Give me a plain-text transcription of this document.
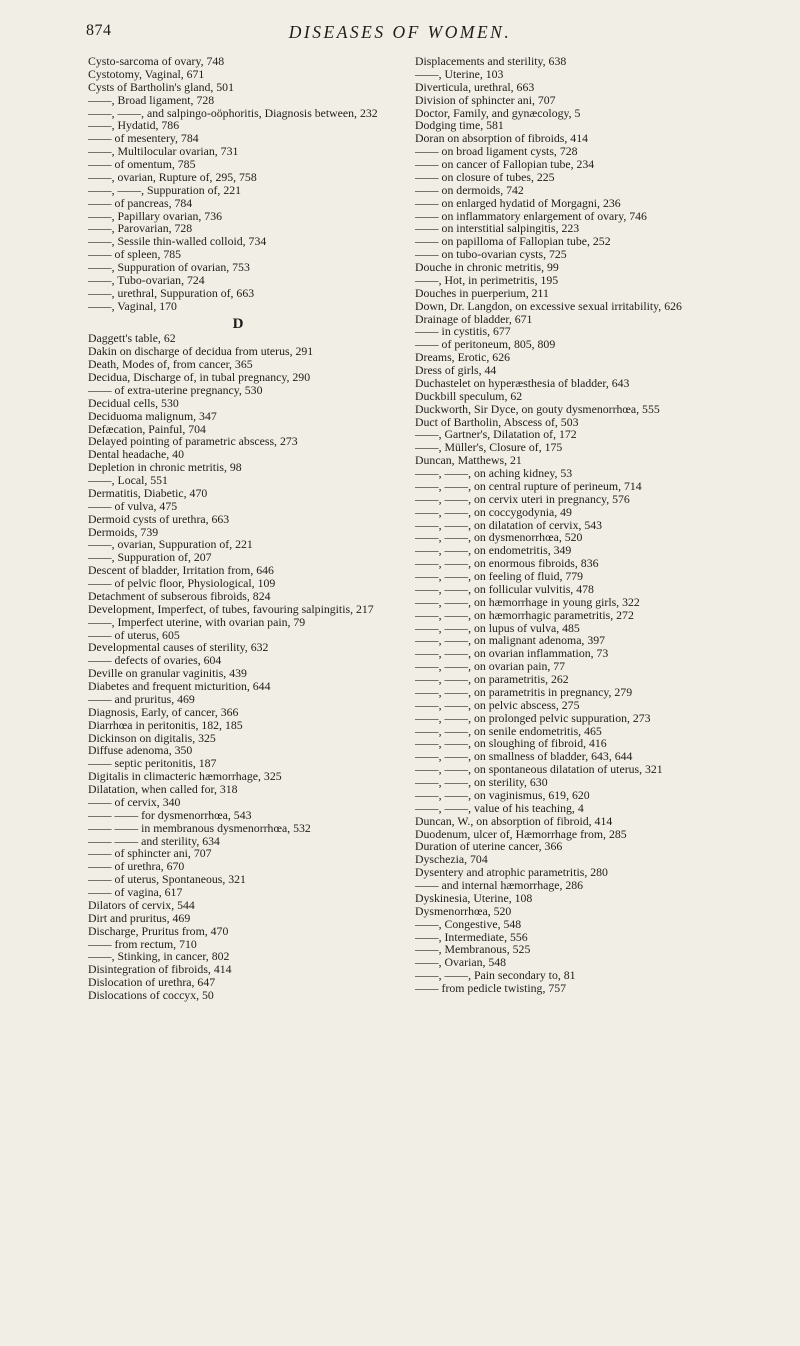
874	DISEASES OF WOMEN.
Cysto-sarcoma of ovary, 748
Cystotomy, Vaginal, 671
Cysts of Bartholin's gland, 501
——, Broad ligament, 728
——, ——, and salpingo-oöphoritis, Diagnosis between, 232
——, Hydatid, 786
—— of mesentery, 784
——, Multilocular ovarian, 731
—— of omentum, 785
——, ovarian, Rupture of, 295, 758
——, ——, Suppuration of, 221
—— of pancreas, 784
——, Papillary ovarian, 736
——, Parovarian, 728
——, Sessile thin-walled colloid, 734
—— of spleen, 785
——, Suppuration of ovarian, 753
——, Tubo-ovarian, 724
——, urethral, Suppuration of, 663
——, Vaginal, 170
D
Daggett's table, 62
Dakin on discharge of decidua from uterus, 291
Death, Modes of, from cancer, 365
Decidua, Discharge of, in tubal pregnancy, 290
—— of extra-uterine pregnancy, 530
Decidual cells, 530
Deciduoma malignum, 347
Defæcation, Painful, 704
Delayed pointing of parametric abscess, 273
Dental headache, 40
Depletion in chronic metritis, 98
——, Local, 551
Dermatitis, Diabetic, 470
—— of vulva, 475
Dermoid cysts of urethra, 663
Dermoids, 739
——, ovarian, Suppuration of, 221
——, Suppuration of, 207
Descent of bladder, Irritation from, 646
—— of pelvic floor, Physiological, 109
Detachment of subserous fibroids, 824
Development, Imperfect, of tubes, favouring salpingitis, 217
——, Imperfect uterine, with ovarian pain, 79
—— of uterus, 605
Developmental causes of sterility, 632
—— defects of ovaries, 604
Deville on granular vaginitis, 439
Diabetes and frequent micturition, 644
—— and pruritus, 469
Diagnosis, Early, of cancer, 366
Diarrhœa in peritonitis, 182, 185
Dickinson on digitalis, 325
Diffuse adenoma, 350
—— septic peritonitis, 187
Digitalis in climacteric hæmorrhage, 325
Dilatation, when called for, 318
—— of cervix, 340
—— —— for dysmenorrhœa, 543
—— —— in membranous dysmenorrhœa, 532
—— —— and sterility, 634
—— of sphincter ani, 707
—— of urethra, 670
—— of uterus, Spontaneous, 321
—— of vagina, 617
Dilators of cervix, 544
Dirt and pruritus, 469
Discharge, Pruritus from, 470
—— from rectum, 710
——, Stinking, in cancer, 802
Disintegration of fibroids, 414
Dislocation of urethra, 647
Dislocations of coccyx, 50
Displacements and sterility, 638
——, Uterine, 103
Diverticula, urethral, 663
Division of sphincter ani, 707
Doctor, Family, and gynæcology, 5
Dodging time, 581
Doran on absorption of fibroids, 414
—— on broad ligament cysts, 728
—— on cancer of Fallopian tube, 234
—— on closure of tubes, 225
—— on dermoids, 742
—— on enlarged hydatid of Morgagni, 236
—— on inflammatory enlargement of ovary, 746
—— on interstitial salpingitis, 223
—— on papilloma of Fallopian tube, 252
—— on tubo-ovarian cysts, 725
Douche in chronic metritis, 99
——, Hot, in perimetritis, 195
Douches in puerperium, 211
Down, Dr. Langdon, on excessive sexual irritability, 626
Drainage of bladder, 671
—— in cystitis, 677
—— of peritoneum, 805, 809
Dreams, Erotic, 626
Dress of girls, 44
Duchastelet on hyperæsthesia of bladder, 643
Duckbill speculum, 62
Duckworth, Sir Dyce, on gouty dysmenorrhœa, 555
Duct of Bartholin, Abscess of, 503
——, Gartner's, Dilatation of, 172
——, Müller's, Closure of, 175
Duncan, Matthews, 21
——, ——, on aching kidney, 53
——, ——, on central rupture of perineum, 714
——, ——, on cervix uteri in pregnancy, 576
——, ——, on coccygodynia, 49
——, ——, on dilatation of cervix, 543
——, ——, on dysmenorrhœa, 520
——, ——, on endometritis, 349
——, ——, on enormous fibroids, 836
——, ——, on feeling of fluid, 779
——, ——, on follicular vulvitis, 478
——, ——, on hæmorrhage in young girls, 322
——, ——, on hæmorrhagic parametritis, 272
——, ——, on lupus of vulva, 485
——, ——, on malignant adenoma, 397
——, ——, on ovarian inflammation, 73
——, ——, on ovarian pain, 77
——, ——, on parametritis, 262
——, ——, on parametritis in pregnancy, 279
——, ——, on pelvic abscess, 275
——, ——, on prolonged pelvic suppuration, 273
——, ——, on senile endometritis, 465
——, ——, on sloughing of fibroid, 416
——, ——, on smallness of bladder, 643, 644
——, ——, on spontaneous dilatation of uterus, 321
——, ——, on sterility, 630
——, ——, on vaginismus, 619, 620
——, ——, value of his teaching, 4
Duncan, W., on absorption of fibroid, 414
Duodenum, ulcer of, Hæmorrhage from, 285
Duration of uterine cancer, 366
Dyschezia, 704
Dysentery and atrophic parametritis, 280
—— and internal hæmorrhage, 286
Dyskinesia, Uterine, 108
Dysmenorrhœa, 520
——, Congestive, 548
——, Intermediate, 556
——, Membranous, 525
——, Ovarian, 548
——, ——, Pain secondary to, 81
—— from pedicle twisting, 757
